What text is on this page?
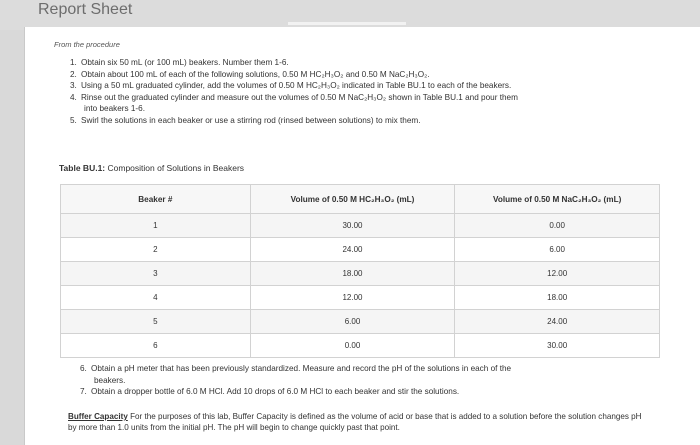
Report Sheet
From the procedure
1. Obtain six 50 mL (or 100 mL) beakers. Number them 1-6.
2. Obtain about 100 mL of each of the following solutions, 0.50 M HC₂H₃O₂ and 0.50 M NaC₂H₃O₂.
3. Using a 50 mL graduated cylinder, add the volumes of 0.50 M HC₂H₃O₂ indicated in Table BU.1 to each of the beakers.
4. Rinse out the graduated cylinder and measure out the volumes of 0.50 M NaC₂H₃O₂ shown in Table BU.1 and pour them
into beakers 1-6.
5. Swirl the solutions in each beaker or use a stirring rod (rinsed between solutions) to mix them.
Table BU.1: Composition of Solutions in Beakers
Beaker #	Volume of 0.50 M HC₂H₃O₂ (mL)	Volume of 0.50 M NaC₂H₃O₂ (mL)
1	30.00	0.00
2	24.00	6.00
3	18.00	12.00
4	12.00	18.00
5	6.00	24.00
6	0.00	30.00
6. Obtain a pH meter that has been previously standardized. Measure and record the pH of the solutions in each of the
beakers.
7. Obtain a dropper bottle of 6.0 M HCl. Add 10 drops of 6.0 M HCl to each beaker and stir the solutions.
Buffer Capacity For the purposes of this lab, Buffer Capacity is defined as the volume of acid or base that is added to a solution before the solution changes pH by more than 1.0 units from the initial pH. The pH will begin to change quickly past that point.
